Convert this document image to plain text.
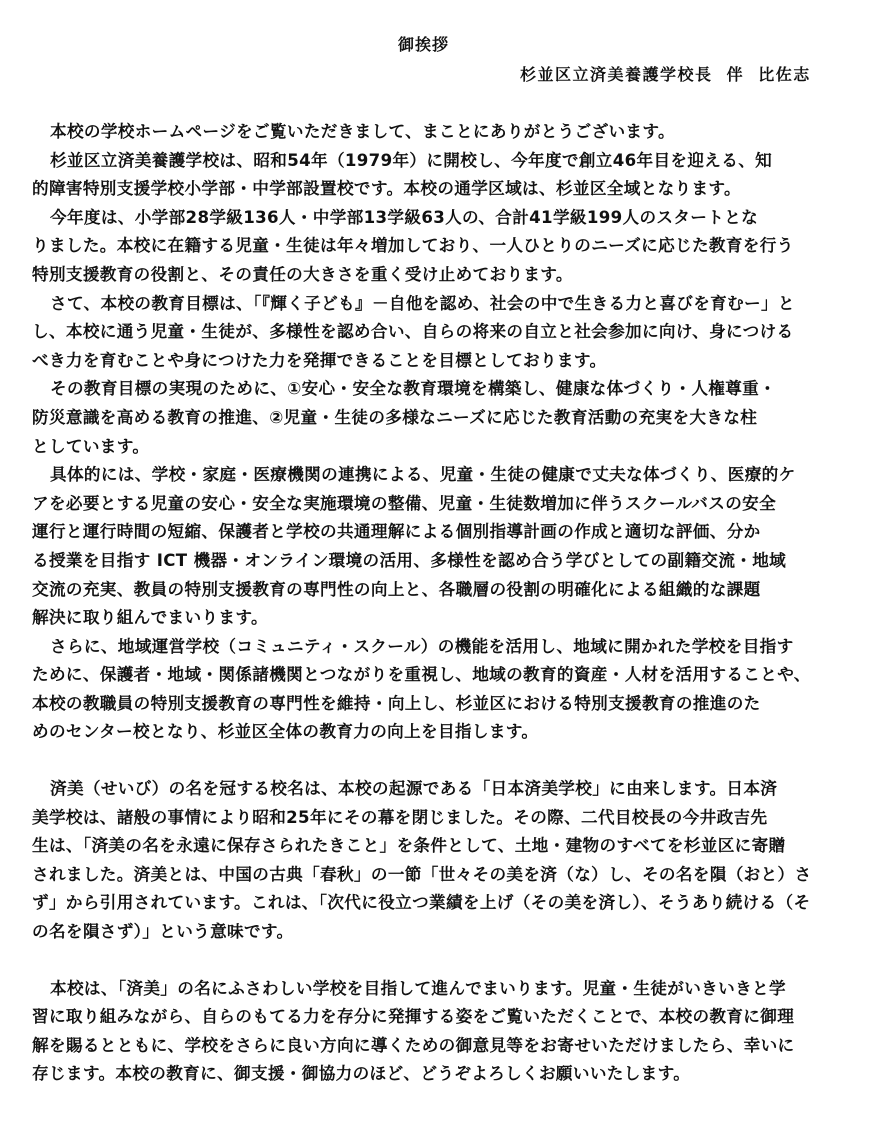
御挨拶
杉並区立済美養護学校長  伴  比佐志
本校の学校ホームページをご覧いただきまして、まことにありがとうございます。
杉並区立済美養護学校は、昭和54年（1979年）に開校し、今年度で創立46年目を迎える、知
的障害特別支援学校小学部・中学部設置校です。本校の通学区域は、杉並区全域となります。
今年度は、小学部28学級136人・中学部13学級63人の、合計41学級199人のスタートとな
りました。本校に在籍する児童・生徒は年々増加しており、一人ひとりのニーズに応じた教育を行う
特別支援教育の役割と、その責任の大きさを重く受け止めております。
さて、本校の教育目標は、「『輝く子ども』－自他を認め、社会の中で生きる力と喜びを育むー」と
し、本校に通う児童・生徒が、多様性を認め合い、自らの将来の自立と社会参加に向け、身につける
べき力を育むことや身につけた力を発揮できることを目標としております。
その教育目標の実現のために、①安心・安全な教育環境を構築し、健康な体づくり・人権尊重・
防災意識を高める教育の推進、②児童・生徒の多様なニーズに応じた教育活動の充実を大きな柱
としています。
具体的には、学校・家庭・医療機関の連携による、児童・生徒の健康で丈夫な体づくり、医療的ケ
アを必要とする児童の安心・安全な実施環境の整備、児童・生徒数増加に伴うスクールバスの安全
運行と運行時間の短縮、保護者と学校の共通理解による個別指導計画の作成と適切な評価、分か
る授業を目指す ICT 機器・オンライン環境の活用、多様性を認め合う学びとしての副籍交流・地域
交流の充実、教員の特別支援教育の専門性の向上と、各職層の役割の明確化による組織的な課題
解決に取り組んでまいります。
さらに、地域運営学校（コミュニティ・スクール）の機能を活用し、地域に開かれた学校を目指す
ために、保護者・地域・関係諸機関とつながりを重視し、地域の教育的資産・人材を活用することや、
本校の教職員の特別支援教育の専門性を維持・向上し、杉並区における特別支援教育の推進のた
めのセンター校となり、杉並区全体の教育力の向上を目指します。
済美（せいび）の名を冠する校名は、本校の起源である「日本済美学校」に由来します。日本済
美学校は、諸般の事情により昭和25年にその幕を閉じました。その際、二代目校長の今井政吉先
生は、「済美の名を永遠に保存さられたきこと」を条件として、土地・建物のすべてを杉並区に寄贈
されました。済美とは、中国の古典「春秋」の一節「世々その美を済（な）し、その名を隕（おと）さ
ず」から引用されています。これは、「次代に役立つ業績を上げ（その美を済し）、そうあり続ける（そ
の名を隕さず）」という意味です。
本校は、「済美」の名にふさわしい学校を目指して進んでまいります。児童・生徒がいきいきと学
習に取り組みながら、自らのもてる力を存分に発揮する姿をご覧いただくことで、本校の教育に御理
解を賜るとともに、学校をさらに良い方向に導くための御意見等をお寄せいただけましたら、幸いに
存じます。本校の教育に、御支援・御協力のほど、どうぞよろしくお願いいたします。
